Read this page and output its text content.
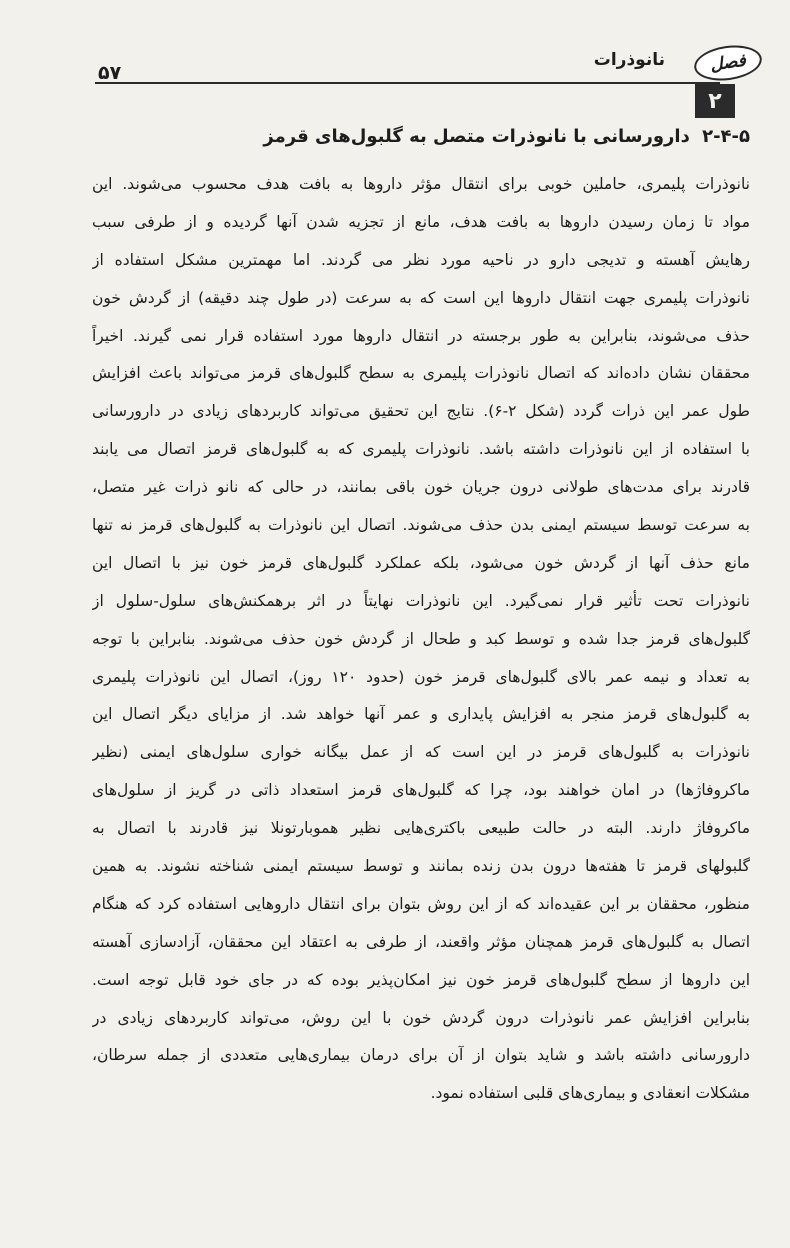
۵۷
نانوذرات	فصل
۲
۲-۴-۵ دارورسانی با نانوذرات متصل به گلبول‌های قرمز
نانوذرات پلیمری، حاملین خوبی برای انتقال مؤثر داروها به بافت هدف محسوب می‌شوند. این
مواد تا زمان رسیدن داروها به بافت هدف، مانع از تجزیه شدن آنها گردیده و از طرفی سبب
رهایش آهسته و تدیجی دارو در ناحیه مورد نظر می گردند. اما مهمترین مشکل استفاده از
نانوذرات پلیمری جهت انتقال داروها این است که به سرعت (در طول چند دقیقه) از گردش خون
حذف می‌شوند، بنابراین به طور برجسته در انتقال داروها مورد استفاده قرار نمی گیرند. اخیراً
محققان نشان داده‌اند که اتصال نانوذرات پلیمری به سطح گلبول‌های قرمز می‌تواند باعث افزایش
طول عمر این ذرات گردد (شکل ۲-۶). نتایج این تحقیق می‌تواند کاربردهای زیادی در دارورسانی
با استفاده از این نانوذرات داشته باشد. نانوذرات پلیمری که به گلبول‌های قرمز اتصال می یابند
قادرند برای مدت‌های طولانی درون جریان خون باقی بمانند، در حالی که نانو ذرات غیر متصل،
به سرعت توسط سیستم ایمنی بدن حذف می‌شوند. اتصال این نانوذرات به گلبول‌های قرمز نه تنها
مانع حذف آنها از گردش خون می‌شود، بلکه عملکرد گلبول‌های قرمز خون نیز با اتصال این
نانوذرات تحت تأثیر قرار نمی‌گیرد. این نانوذرات نهایتاً در اثر برهمکنش‌های سلول-سلول از
گلبول‌های قرمز جدا شده و توسط کبد و طحال از گردش خون حذف می‌شوند. بنابراین با توجه
به تعداد و نیمه عمر بالای گلبول‌های قرمز خون (حدود ۱۲۰ روز)، اتصال این نانوذرات پلیمری
به گلبول‌های قرمز منجر به افزایش پایداری و عمر آنها خواهد شد. از مزایای دیگر اتصال این
نانوذرات به گلبول‌های قرمز در این است که از عمل بیگانه خواری سلول‌های ایمنی (نظیر
ماکروفاژها) در امان خواهند بود، چرا که گلبول‌های قرمز استعداد ذاتی در گریز از سلول‌های
ماکروفاژ دارند. البته در حالت طبیعی باکتری‌هایی نظیر همو‌بارتونلا نیز قادرند با اتصال به
گلبولهای قرمز تا هفته‌ها درون بدن زنده بمانند و توسط سیستم ایمنی شناخته نشوند. به همین
منظور، محققان بر این عقیده‌اند که از این روش بتوان برای انتقال داروهایی استفاده کرد که هنگام
اتصال به گلبول‌های قرمز همچنان مؤثر واقعند، از طرفی به اعتقاد این محققان، آزادسازی آهسته
این داروها از سطح گلبول‌های قرمز خون نیز امکان‌پذیر بوده که در جای خود قابل توجه است.
بنابراین افزایش عمر نانوذرات درون گردش خون با این روش، می‌تواند کاربردهای زیادی در
دارورسانی داشته باشد و شاید بتوان از آن برای درمان بیماری‌هایی متعددی از جمله سرطان،
مشکلات انعقادی و بیماری‌های قلبی استفاده نمود.
